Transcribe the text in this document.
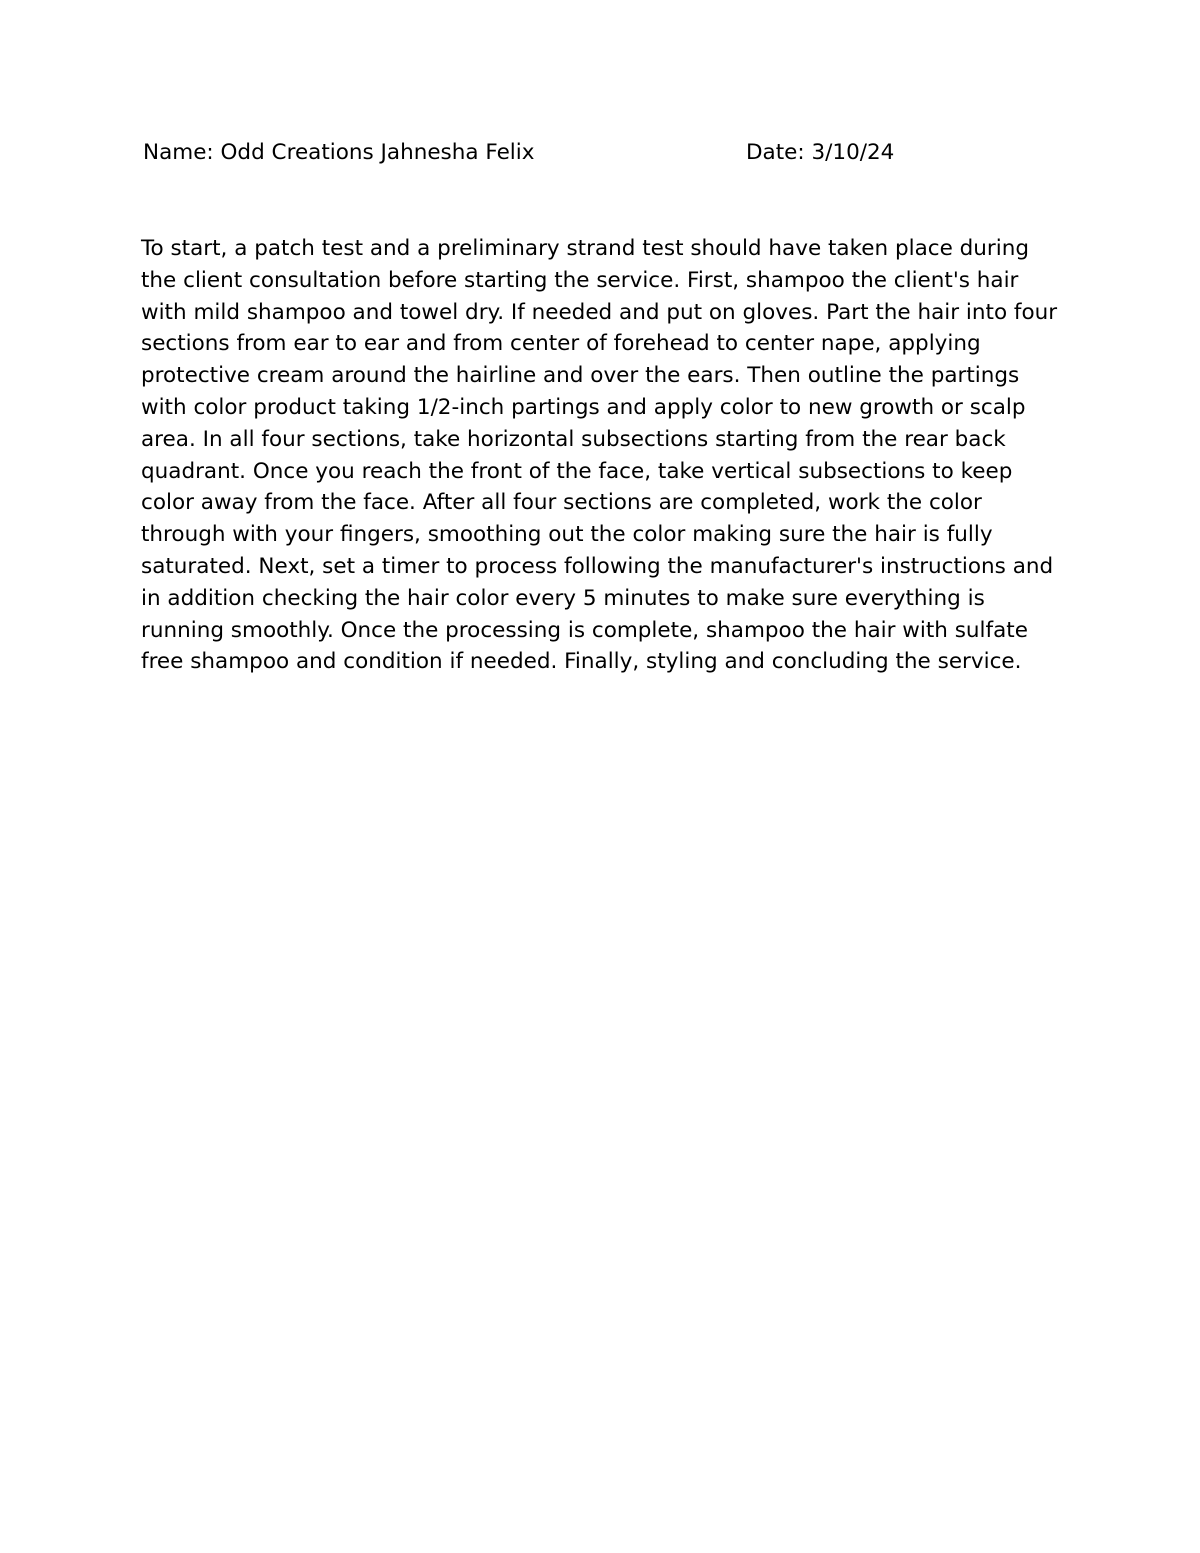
Name: Odd Creations Jahnesha Felix	Date: 3/10/24

To start, a patch test and a preliminary strand test should have taken place during the client consultation before starting the service. First, shampoo the client's hair with mild shampoo and towel dry. If needed and put on gloves. Part the hair into four sections from ear to ear and from center of forehead to center nape, applying protective cream around the hairline and over the ears. Then outline the partings with color product taking 1/2-inch partings and apply color to new growth or scalp area. In all four sections, take horizontal subsections starting from the rear back quadrant. Once you reach the front of the face, take vertical subsections to keep color away from the face. After all four sections are completed, work the color through with your fingers, smoothing out the color making sure the hair is fully saturated. Next, set a timer to process following the manufacturer's instructions and in addition checking the hair color every 5 minutes to make sure everything is running smoothly. Once the processing is complete, shampoo the hair with sulfate free shampoo and condition if needed. Finally, styling and concluding the service.
